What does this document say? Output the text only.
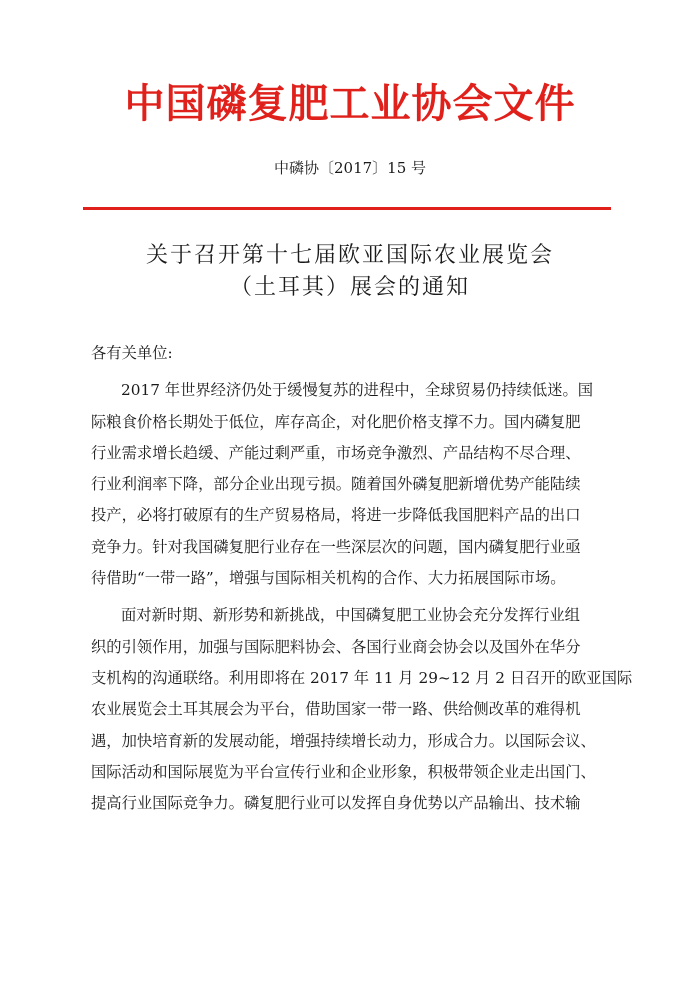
中国磷复肥工业协会文件
中磷协〔2017〕15 号
关于召开第十七届欧亚国际农业展览会
（土耳其）展会的通知
各有关单位:
2017 年世界经济仍处于缓慢复苏的进程中，全球贸易仍持续低迷。国
际粮食价格长期处于低位，库存高企，对化肥价格支撑不力。国内磷复肥
行业需求增长趋缓、产能过剩严重，市场竞争激烈、产品结构不尽合理、
行业利润率下降，部分企业出现亏损。随着国外磷复肥新增优势产能陆续
投产，必将打破原有的生产贸易格局，将进一步降低我国肥料产品的出口
竞争力。针对我国磷复肥行业存在一些深层次的问题，国内磷复肥行业亟
待借助“一带一路”，增强与国际相关机构的合作、大力拓展国际市场。
面对新时期、新形势和新挑战，中国磷复肥工业协会充分发挥行业组
织的引领作用，加强与国际肥料协会、各国行业商会协会以及国外在华分
支机构的沟通联络。利用即将在 2017 年 11 月 29~12 月 2 日召开的欧亚国际
农业展览会土耳其展会为平台，借助国家一带一路、供给侧改革的难得机
遇，加快培育新的发展动能，增强持续增长动力，形成合力。以国际会议、
国际活动和国际展览为平台宣传行业和企业形象，积极带领企业走出国门、
提高行业国际竞争力。磷复肥行业可以发挥自身优势以产品输出、技术输
